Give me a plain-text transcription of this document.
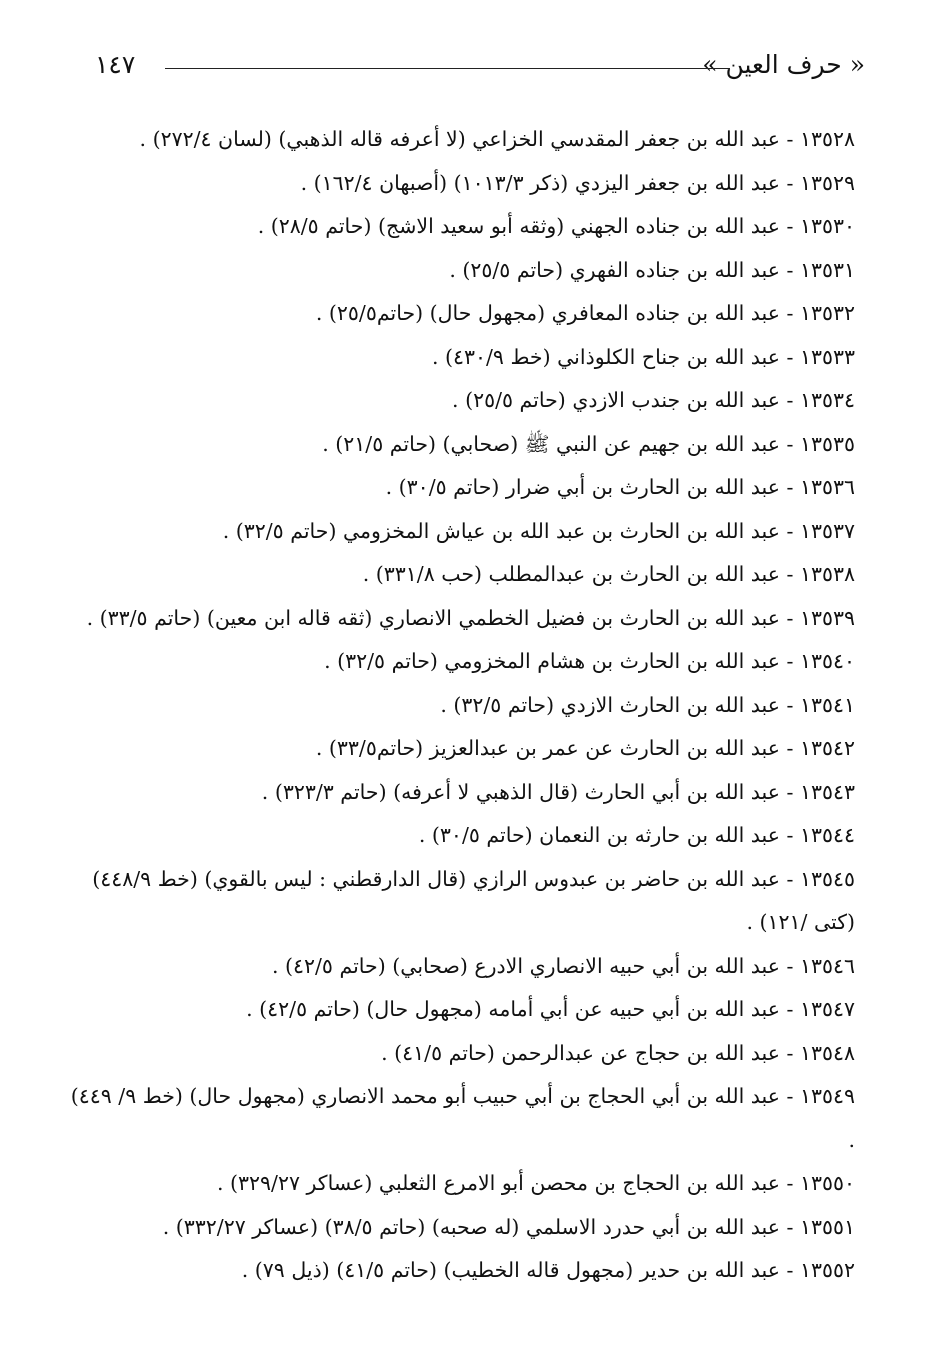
« حرف العين »
١٤٧
١٣٥٢٨ - عبد الله بن جعفر المقدسي الخزاعي (لا أعرفه قاله الذهبي) (لسان ٢٧٢/٤) .
١٣٥٢٩ - عبد الله بن جعفر اليزدي (ذكر ١٠١٣/٣) (أصبهان ١٦٢/٤) .
١٣٥٣٠ - عبد الله بن جناده الجهني (وثقه أبو سعيد الاشج) (حاتم ٢٨/٥) .
١٣٥٣١ - عبد الله بن جناده الفهري (حاتم ٢٥/٥) .
١٣٥٣٢ - عبد الله بن جناده المعافري (مجهول حال) (حاتم٢٥/٥) .
١٣٥٣٣ - عبد الله بن جناح الكلوذاني (خط ٤٣٠/٩) .
١٣٥٣٤ - عبد الله بن جندب الازدي (حاتم ٢٥/٥) .
١٣٥٣٥ - عبد الله بن جهيم عن النبي ﷺ (صحابي) (حاتم ٢١/٥) .
١٣٥٣٦ - عبد الله بن الحارث بن أبي ضرار (حاتم ٣٠/٥) .
١٣٥٣٧ - عبد الله بن الحارث بن عبد الله بن عياش المخزومي (حاتم ٣٢/٥) .
١٣٥٣٨ - عبد الله بن الحارث بن عبدالمطلب (حب ٣٣١/٨) .
١٣٥٣٩ - عبد الله بن الحارث بن فضيل الخطمي الانصاري (ثقه قاله ابن معين) (حاتم ٣٣/٥) .
١٣٥٤٠ - عبد الله بن الحارث بن هشام المخزومي (حاتم ٣٢/٥) .
١٣٥٤١ - عبد الله بن الحارث الازدي (حاتم ٣٢/٥) .
١٣٥٤٢ - عبد الله بن الحارث عن عمر بن عبدالعزيز (حاتم٣٣/٥) .
١٣٥٤٣ - عبد الله بن أبي الحارث (قال الذهبي لا أعرفه) (حاتم ٣٢٣/٣) .
١٣٥٤٤ - عبد الله بن حارثه بن النعمان (حاتم ٣٠/٥) .
١٣٥٤٥ - عبد الله بن حاضر بن عبدوس الرازي (قال الدارقطني : ليس بالقوي) (خط ٤٤٨/٩) (كتى /١٢١) .
١٣٥٤٦ - عبد الله بن أبي حبيه الانصاري الادرع (صحابي) (حاتم ٤٢/٥) .
١٣٥٤٧ - عبد الله بن أبي حبيه عن أبي أمامه (مجهول حال) (حاتم ٤٢/٥) .
١٣٥٤٨ - عبد الله بن حجاج عن عبدالرحمن (حاتم ٤١/٥) .
١٣٥٤٩ - عبد الله بن أبي الحجاج بن أبي حبيب أبو محمد الانصاري (مجهول حال) (خط ٩/ ٤٤٩) .
١٣٥٥٠ - عبد الله بن الحجاج بن محصن أبو الامرع الثعلبي (عساكر ٣٢٩/٢٧) .
١٣٥٥١ - عبد الله بن أبي حدرد الاسلمي (له صحبه) (حاتم ٣٨/٥) (عساكر ٣٣٢/٢٧) .
١٣٥٥٢ - عبد الله بن حدير (مجهول قاله الخطيب) (حاتم ٤١/٥) (ذيل ٧٩) .
